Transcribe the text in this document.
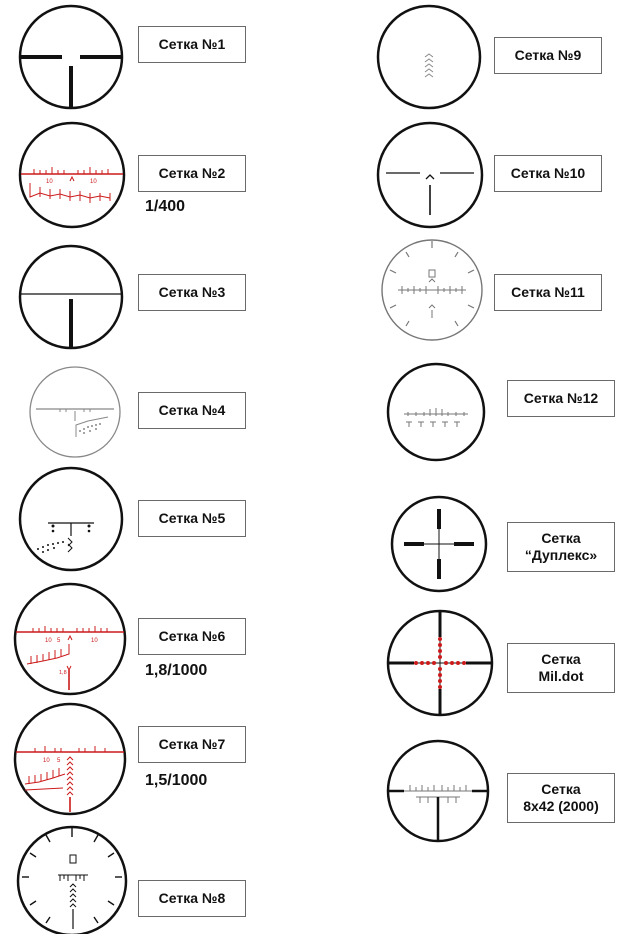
Сетка №1
10	10
Сетка №2
1/400
Сетка №3
Сетка №4
Сетка №5
10	10
5
1,8
Сетка №6
1,8/1000
10 5
Сетка №7
1,5/1000
Сетка №8
Сетка №9
Сетка №10
Сетка №11
Сетка №12
Сетка
“Дуплекс»
Сетка
Mil.dot
Сетка
8x42 (2000)
